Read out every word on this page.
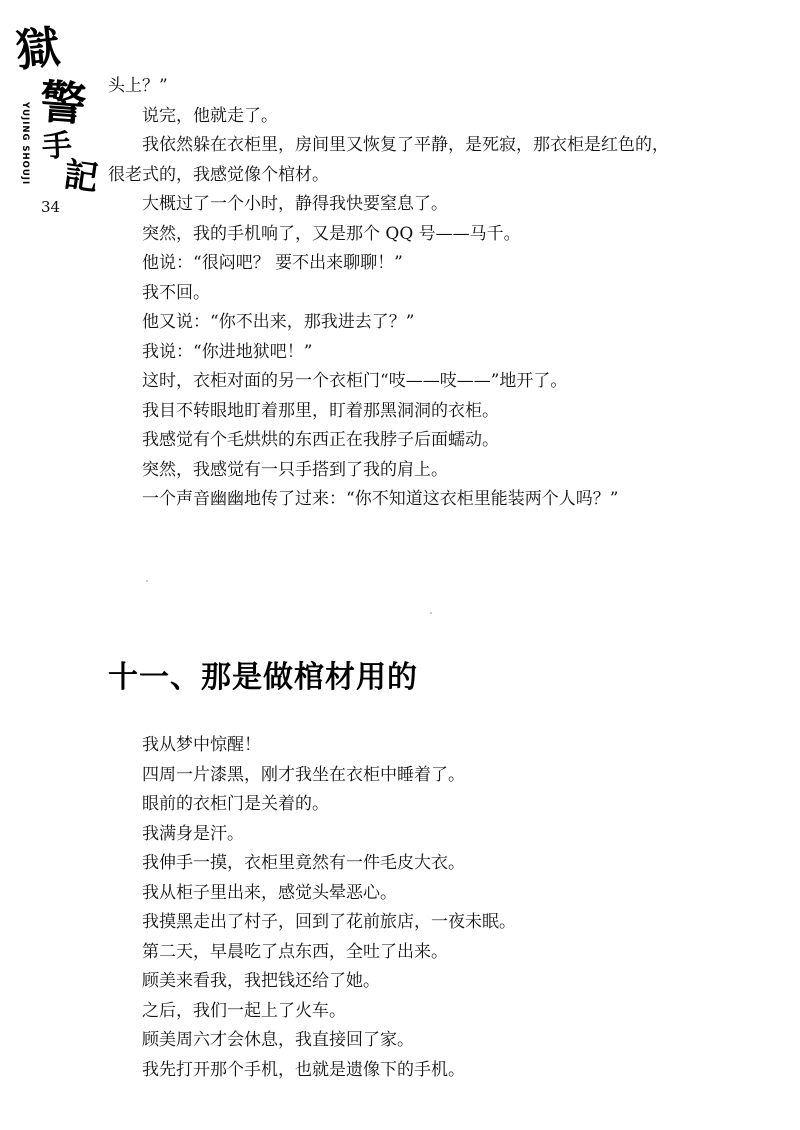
獄
警
手
記
YUJING SHOUJI
34

头上？”

说完，他就走了。

我依然躲在衣柜里，房间里又恢复了平静，是死寂，那衣柜是红色的，

很老式的，我感觉像个棺材。

大概过了一个小时，静得我快要窒息了。

突然，我的手机响了，又是那个 QQ 号——马千。

他说：“很闷吧？ 要不出来聊聊！”

我不回。

他又说：“你不出来，那我进去了？”

我说：“你进地狱吧！”

这时，衣柜对面的另一个衣柜门“吱——吱——”地开了。

我目不转眼地盯着那里，盯着那黑洞洞的衣柜。

我感觉有个毛烘烘的东西正在我脖子后面蠕动。

突然，我感觉有一只手搭到了我的肩上。

一个声音幽幽地传了过来：“你不知道这衣柜里能装两个人吗？”

十一、那是做棺材用的

我从梦中惊醒！

四周一片漆黑，刚才我坐在衣柜中睡着了。

眼前的衣柜门是关着的。

我满身是汗。

我伸手一摸，衣柜里竟然有一件毛皮大衣。

我从柜子里出来，感觉头晕恶心。

我摸黑走出了村子，回到了花前旅店，一夜未眠。

第二天，早晨吃了点东西，全吐了出来。

顾美来看我，我把钱还给了她。

之后，我们一起上了火车。

顾美周六才会休息，我直接回了家。

我先打开那个手机，也就是遗像下的手机。
